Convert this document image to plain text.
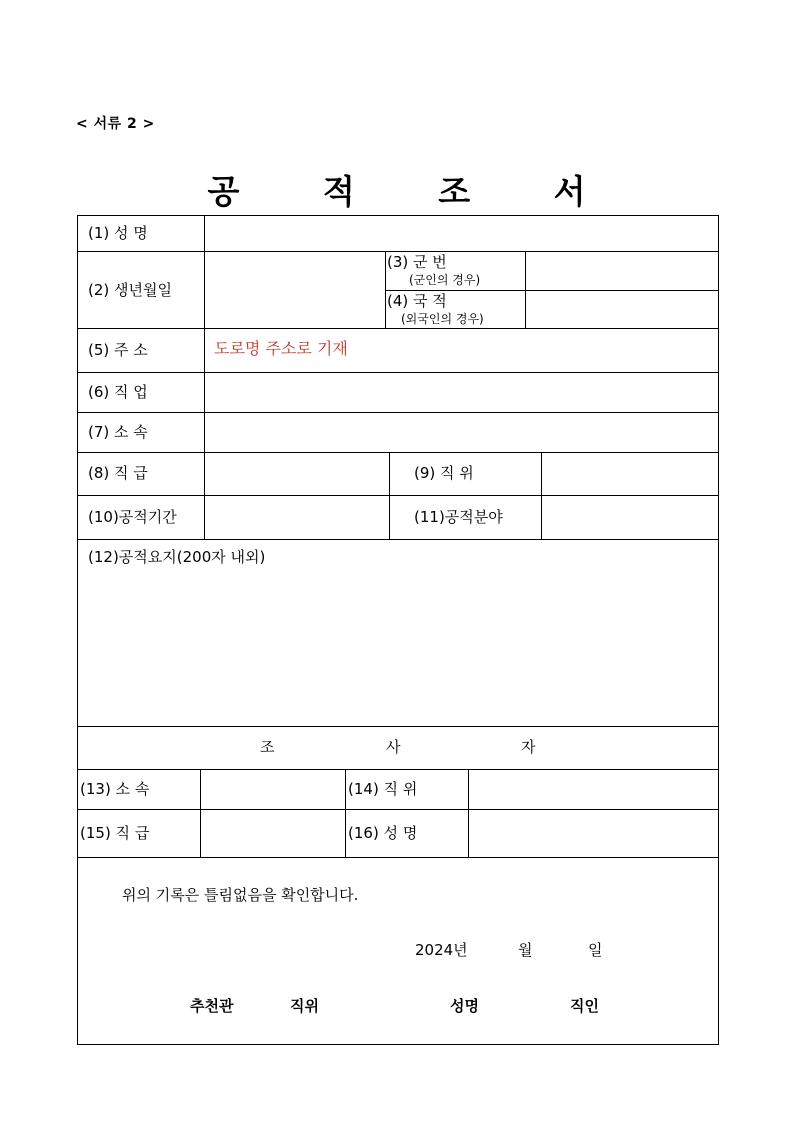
< 서류 2 >
공	적	조	서
(1) 성 명
(2) 생년월일
(3) 군 번
(군인의 경우)
(4) 국 적
(외국인의 경우)
(5) 주 소	도로명 주소로 기재
(6) 직 업
(7) 소 속
(8) 직 급	(9) 직 위
(10)공적기간	(11)공적분야
(12)공적요지(200자 내외)
조	사	자
(13) 소 속	(14) 직 위
(15) 직 급	(16) 성 명
위의 기록은 틀림없음을 확인합니다.
2024년	월	일
추천관	직위	성명	직인
